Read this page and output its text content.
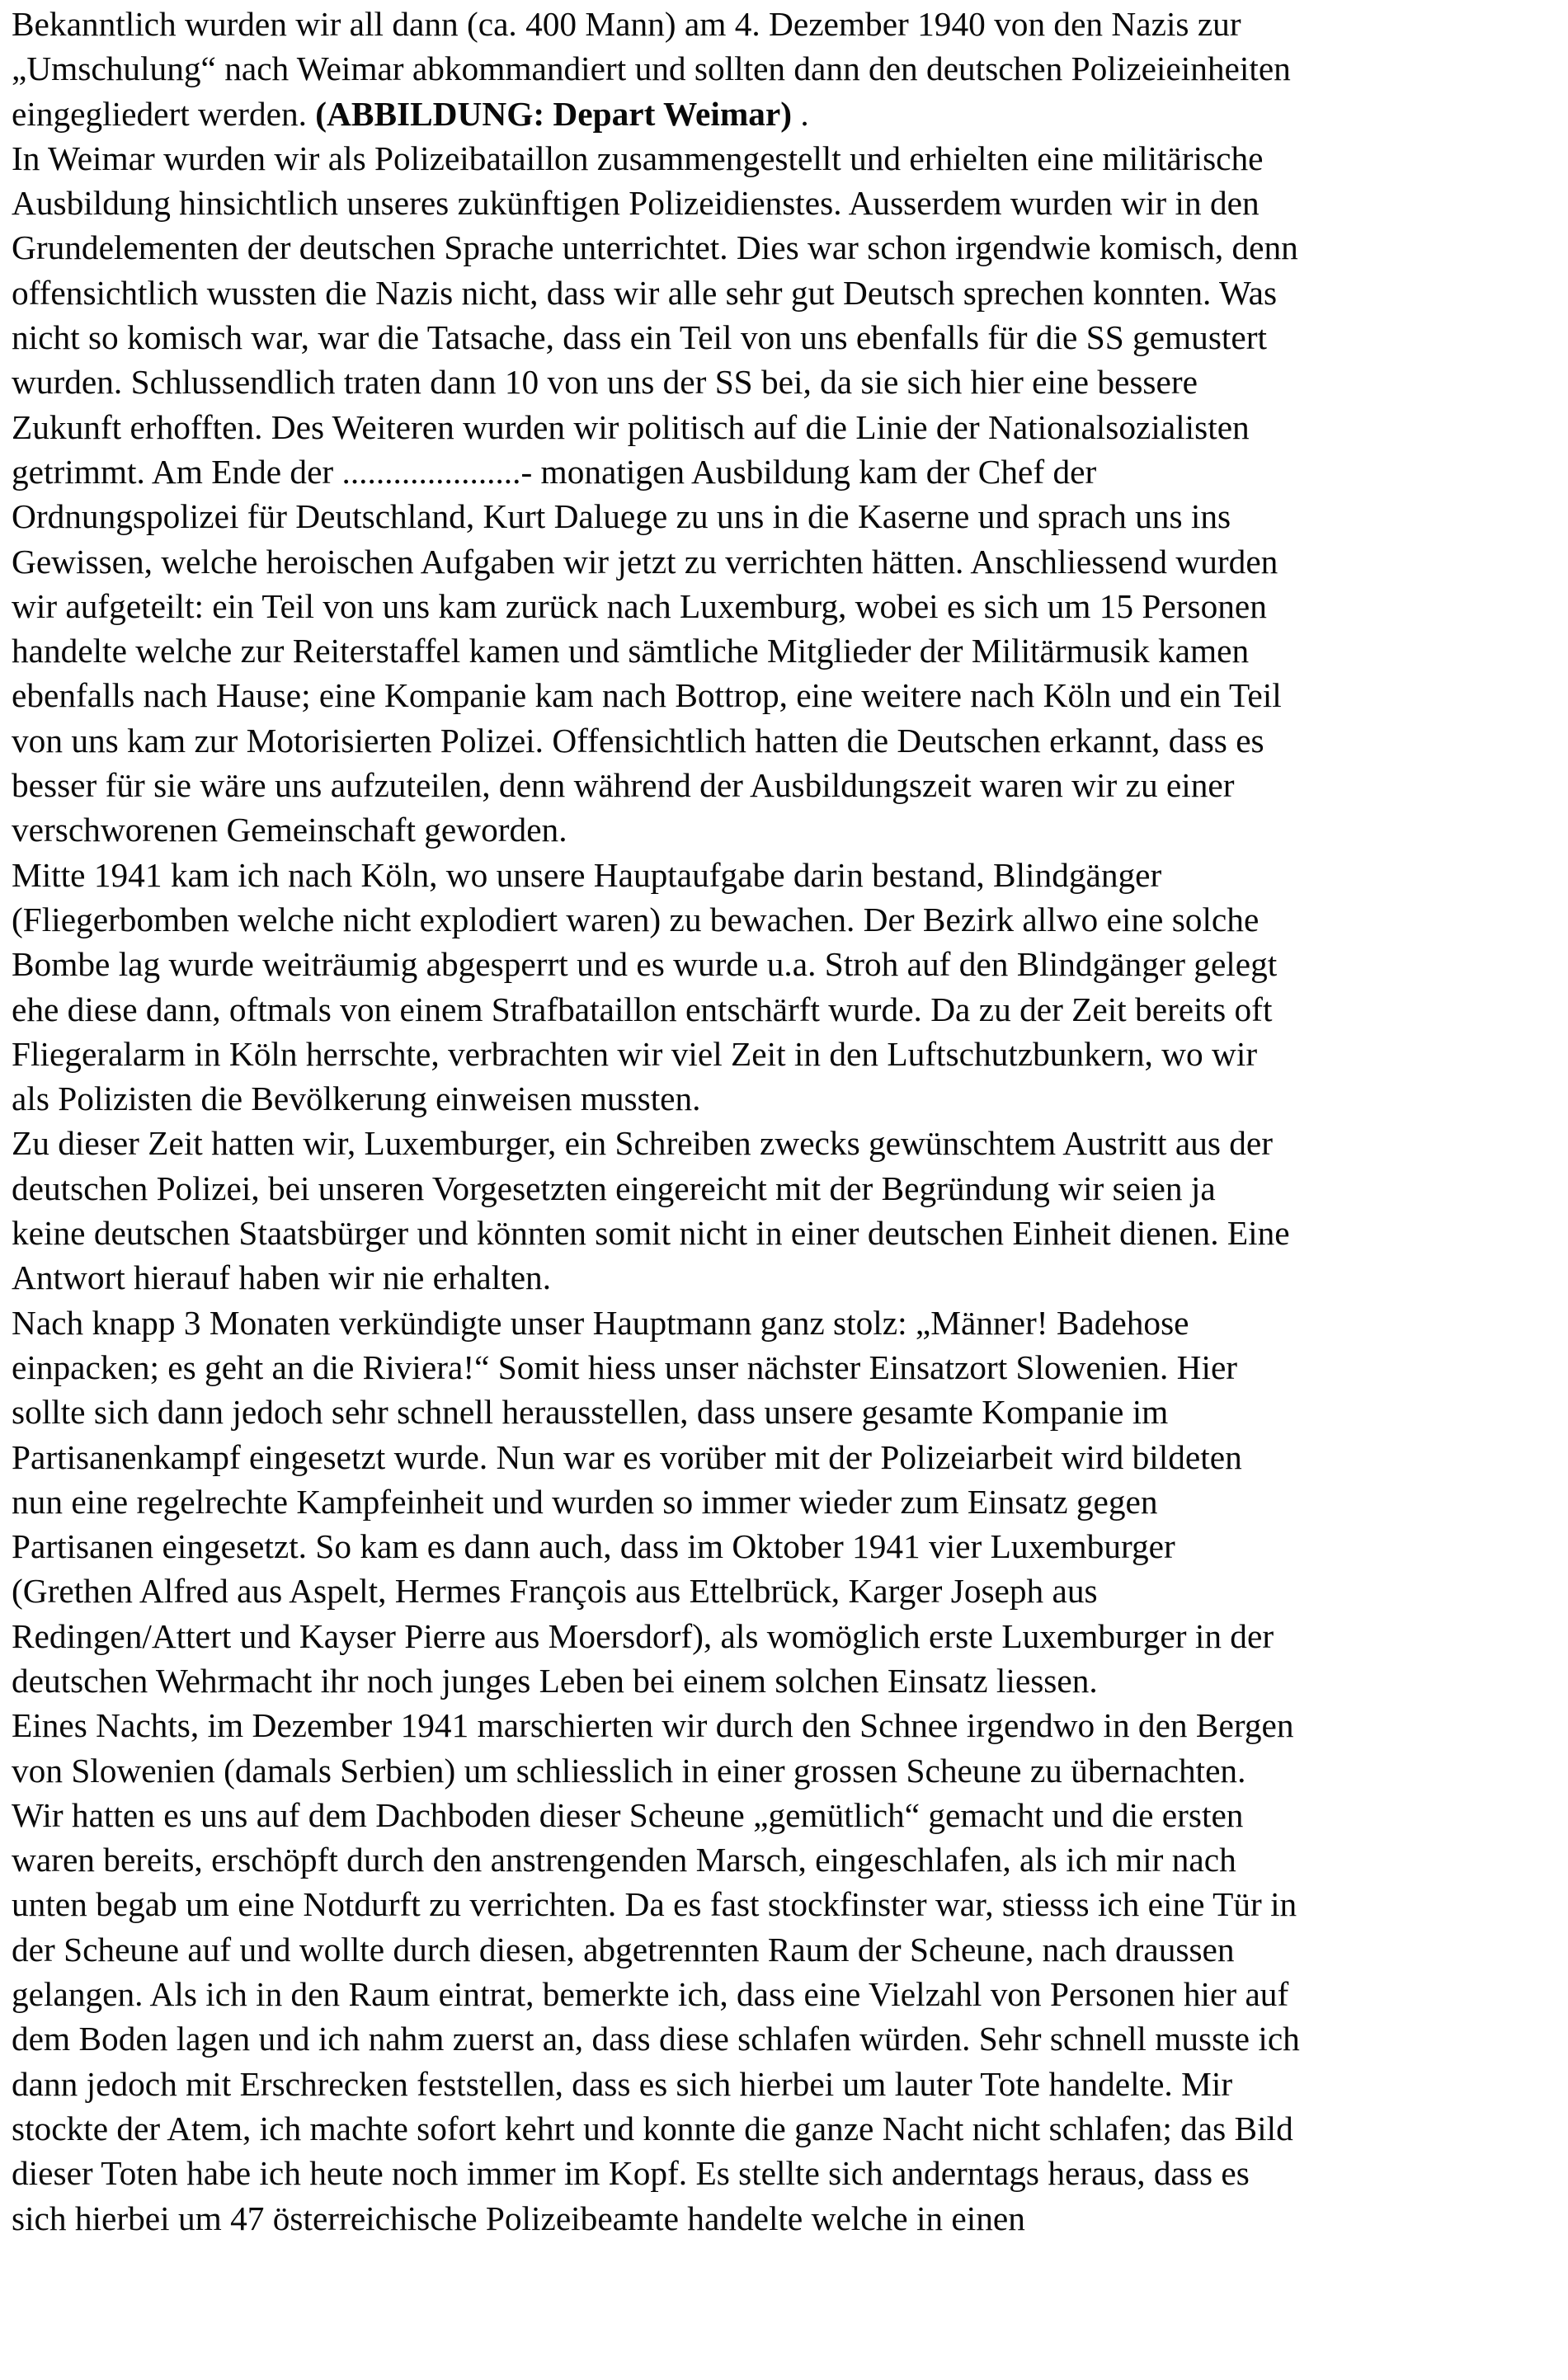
Bekanntlich wurden wir all dann (ca. 400 Mann) am 4. Dezember 1940 von den Nazis zur
„Umschulung“ nach Weimar abkommandiert und sollten dann den deutschen Polizeieinheiten
eingegliedert werden. (ABBILDUNG: Depart Weimar) .
In Weimar wurden wir als Polizeibataillon zusammengestellt und erhielten eine militärische
Ausbildung hinsichtlich unseres zukünftigen Polizeidienstes. Ausserdem wurden wir in den
Grundelementen der deutschen Sprache unterrichtet. Dies war schon irgendwie komisch, denn
offensichtlich wussten die Nazis nicht, dass wir alle sehr gut Deutsch sprechen konnten. Was
nicht so komisch war, war die Tatsache, dass ein Teil von uns ebenfalls für die SS gemustert
wurden. Schlussendlich traten dann 10 von uns der SS bei, da sie sich hier eine bessere
Zukunft erhofften. Des Weiteren wurden wir politisch auf die Linie der Nationalsozialisten
getrimmt. Am Ende der .....................- monatigen Ausbildung kam der Chef der
Ordnungspolizei für Deutschland, Kurt Daluege zu uns in die Kaserne und sprach uns ins
Gewissen, welche heroischen Aufgaben wir jetzt zu verrichten hätten. Anschliessend wurden
wir aufgeteilt: ein Teil von uns kam zurück nach Luxemburg, wobei es sich um 15 Personen
handelte welche zur Reiterstaffel kamen und sämtliche Mitglieder der Militärmusik kamen
ebenfalls nach Hause; eine Kompanie kam nach Bottrop, eine weitere nach Köln und ein Teil
von uns kam zur Motorisierten Polizei. Offensichtlich hatten die Deutschen erkannt, dass es
besser für sie wäre uns aufzuteilen, denn während der Ausbildungszeit waren wir zu einer
verschworenen Gemeinschaft geworden.
Mitte 1941 kam ich nach Köln, wo unsere Hauptaufgabe darin bestand, Blindgänger
(Fliegerbomben welche nicht explodiert waren) zu bewachen. Der Bezirk allwo eine solche
Bombe lag wurde weiträumig abgesperrt und es wurde u.a. Stroh auf den Blindgänger gelegt
ehe diese dann, oftmals von einem Strafbataillon entschärft wurde. Da zu der Zeit bereits oft
Fliegeralarm in Köln herrschte, verbrachten wir viel Zeit in den Luftschutzbunkern, wo wir
als Polizisten die Bevölkerung einweisen mussten.
Zu dieser Zeit hatten wir, Luxemburger, ein Schreiben zwecks gewünschtem Austritt aus der
deutschen Polizei, bei unseren Vorgesetzten eingereicht mit der Begründung wir seien ja
keine deutschen Staatsbürger und könnten somit nicht in einer deutschen Einheit dienen. Eine
Antwort hierauf haben wir nie erhalten.
Nach knapp 3 Monaten verkündigte unser Hauptmann ganz stolz: „Männer! Badehose
einpacken; es geht an die Riviera!“ Somit hiess unser nächster Einsatzort Slowenien. Hier
sollte sich dann jedoch sehr schnell herausstellen, dass unsere gesamte Kompanie im
Partisanenkampf eingesetzt wurde. Nun war es vorüber mit der Polizeiarbeit wird bildeten
nun eine regelrechte Kampfeinheit und wurden so immer wieder zum Einsatz gegen
Partisanen eingesetzt. So kam es dann auch, dass im Oktober 1941 vier Luxemburger
(Grethen Alfred aus Aspelt, Hermes François aus Ettelbrück, Karger Joseph aus
Redingen/Attert und Kayser Pierre aus Moersdorf), als womöglich erste Luxemburger in der
deutschen Wehrmacht ihr noch junges Leben bei einem solchen Einsatz liessen.
Eines Nachts, im Dezember 1941 marschierten wir durch den Schnee irgendwo in den Bergen
von Slowenien (damals Serbien) um schliesslich in einer grossen Scheune zu übernachten.
Wir hatten es uns auf dem Dachboden dieser Scheune „gemütlich“ gemacht und die ersten
waren bereits, erschöpft durch den anstrengenden Marsch, eingeschlafen, als ich mir nach
unten begab um eine Notdurft zu verrichten. Da es fast stockfinster war, stiesss ich eine Tür in
der Scheune auf und wollte durch diesen, abgetrennten Raum der Scheune, nach draussen
gelangen. Als ich in den Raum eintrat, bemerkte ich, dass eine Vielzahl von Personen hier auf
dem Boden lagen und ich nahm zuerst an, dass diese schlafen würden. Sehr schnell musste ich
dann jedoch mit Erschrecken feststellen, dass es sich hierbei um lauter Tote handelte. Mir
stockte der Atem, ich machte sofort kehrt und konnte die ganze Nacht nicht schlafen; das Bild
dieser Toten habe ich heute noch immer im Kopf. Es stellte sich anderntags heraus, dass es
sich hierbei um 47 österreichische Polizeibeamte handelte welche in einen
